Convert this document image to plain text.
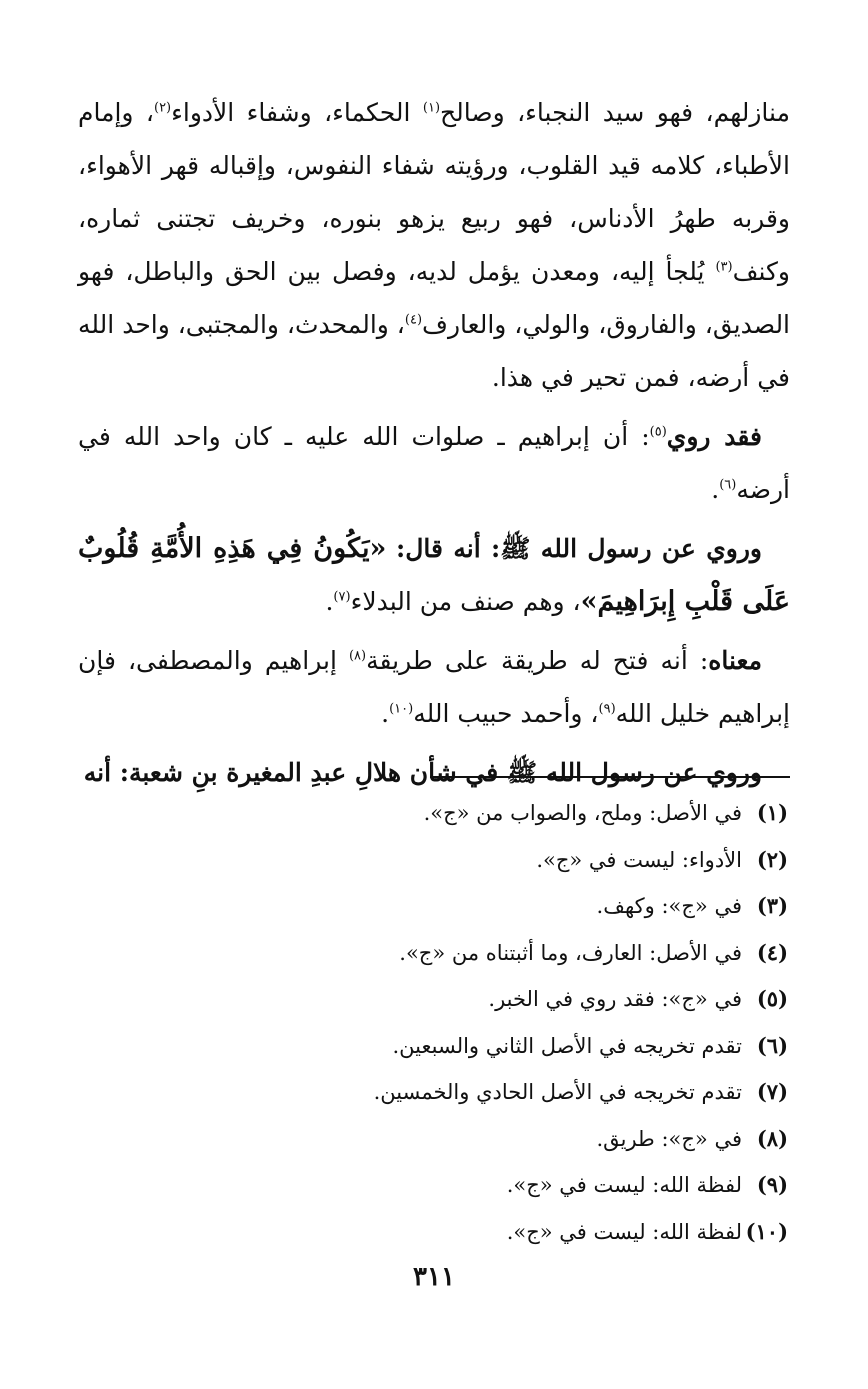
منازلهم، فهو سيد النجباء، وصالح$^{(١)}$ الحكماء، وشفاء الأدواء$^{(٢)}$، وإمام الأطباء، كلامه قيد القلوب، ورؤيته شفاء النفوس، وإقباله قهر الأهواء، وقربه طهرُ الأدناس، فهو ربيع يزهو بنوره، وخريف تجتنى ثماره، وكنف$^{(٣)}$ يُلجأ إليه، ومعدن يؤمل لديه، وفصل بين الحق والباطل، فهو الصديق، والفاروق، والولي، والعارف$^{(٤)}$، والمحدث، والمجتبى، واحد الله في أرضه، فمن تحير في هذا.

فقد روي$^{(٥)}$: أن إبراهيم ـ صلوات الله عليه ـ كان واحد الله في أرضه$^{(٦)}$.

وروي عن رسول الله ﷺ: أنه قال: «يَكُونُ فِي هَذِهِ الأُمَّةِ قُلُوبٌ عَلَى قَلْبِ إِبرَاهِيمَ»، وهم صنف من البدلاء$^{(٧)}$.

معناه: أنه فتح له طريقة على طريقة$^{(٨)}$ إبراهيم والمصطفى، فإن إبراهيم خليل الله$^{(٩)}$، وأحمد حبيب الله$^{(١٠)}$.

وروي عن رسول الله ﷺ في شأن هلالِ عبدِ المغيرة بنِ شعبة: أنه

(١)في الأصل: وملح، والصواب من «ج».
(٢)الأدواء: ليست في «ج».
(٣)في «ج»: وكهف.
(٤)في الأصل: العارف، وما أثبتناه من «ج».
(٥)في «ج»: فقد روي في الخبر.
(٦)تقدم تخريجه في الأصل الثاني والسبعين.
(٧)تقدم تخريجه في الأصل الحادي والخمسين.
(٨)في «ج»: طريق.
(٩)لفظة الله: ليست في «ج».
(١٠)لفظة الله: ليست في «ج».
٣١١
